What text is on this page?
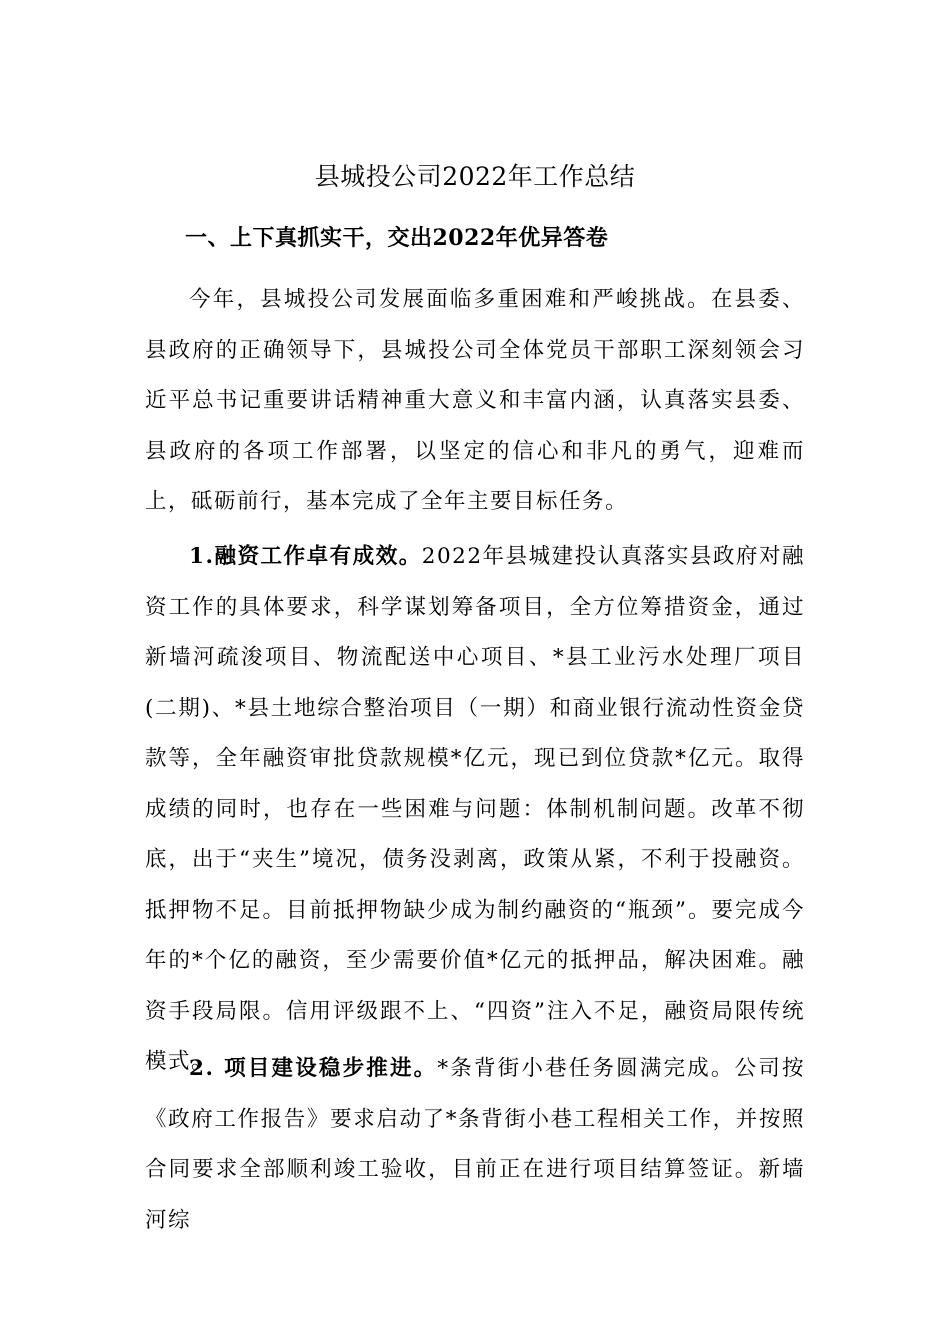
县城投公司2022年工作总结
一、上下真抓实干，交出2022年优异答卷

今年，县城投公司发展面临多重困难和严峻挑战。在县委、县政府的正确领导下，县城投公司全体党员干部职工深刻领会习近平总书记重要讲话精神重大意义和丰富内涵，认真落实县委、县政府的各项工作部署，以坚定的信心和非凡的勇气，迎难而上，砥砺前行，基本完成了全年主要目标任务。

1.融资工作卓有成效。2022年县城建投认真落实县政府对融资工作的具体要求，科学谋划筹备项目，全方位筹措资金，通过新墙河疏浚项目、物流配送中心项目、*县工业污水处理厂项目(二期)、*县土地综合整治项目（一期）和商业银行流动性资金贷款等，全年融资审批贷款规模*亿元，现已到位贷款*亿元。取得成绩的同时，也存在一些困难与问题：体制机制问题。改革不彻底，出于“夹生”境况，债务没剥离，政策从紧，不利于投融资。抵押物不足。目前抵押物缺少成为制约融资的“瓶颈”。要完成今年的*个亿的融资，至少需要价值*亿元的抵押品，解决困难。融资手段局限。信用评级跟不上、“四资”注入不足，融资局限传统模式。

2. 项目建设稳步推进。*条背街小巷任务圆满完成。公司按《政府工作报告》要求启动了*条背街小巷工程相关工作，并按照合同要求全部顺利竣工验收，目前正在进行项目结算签证。新墙河综
